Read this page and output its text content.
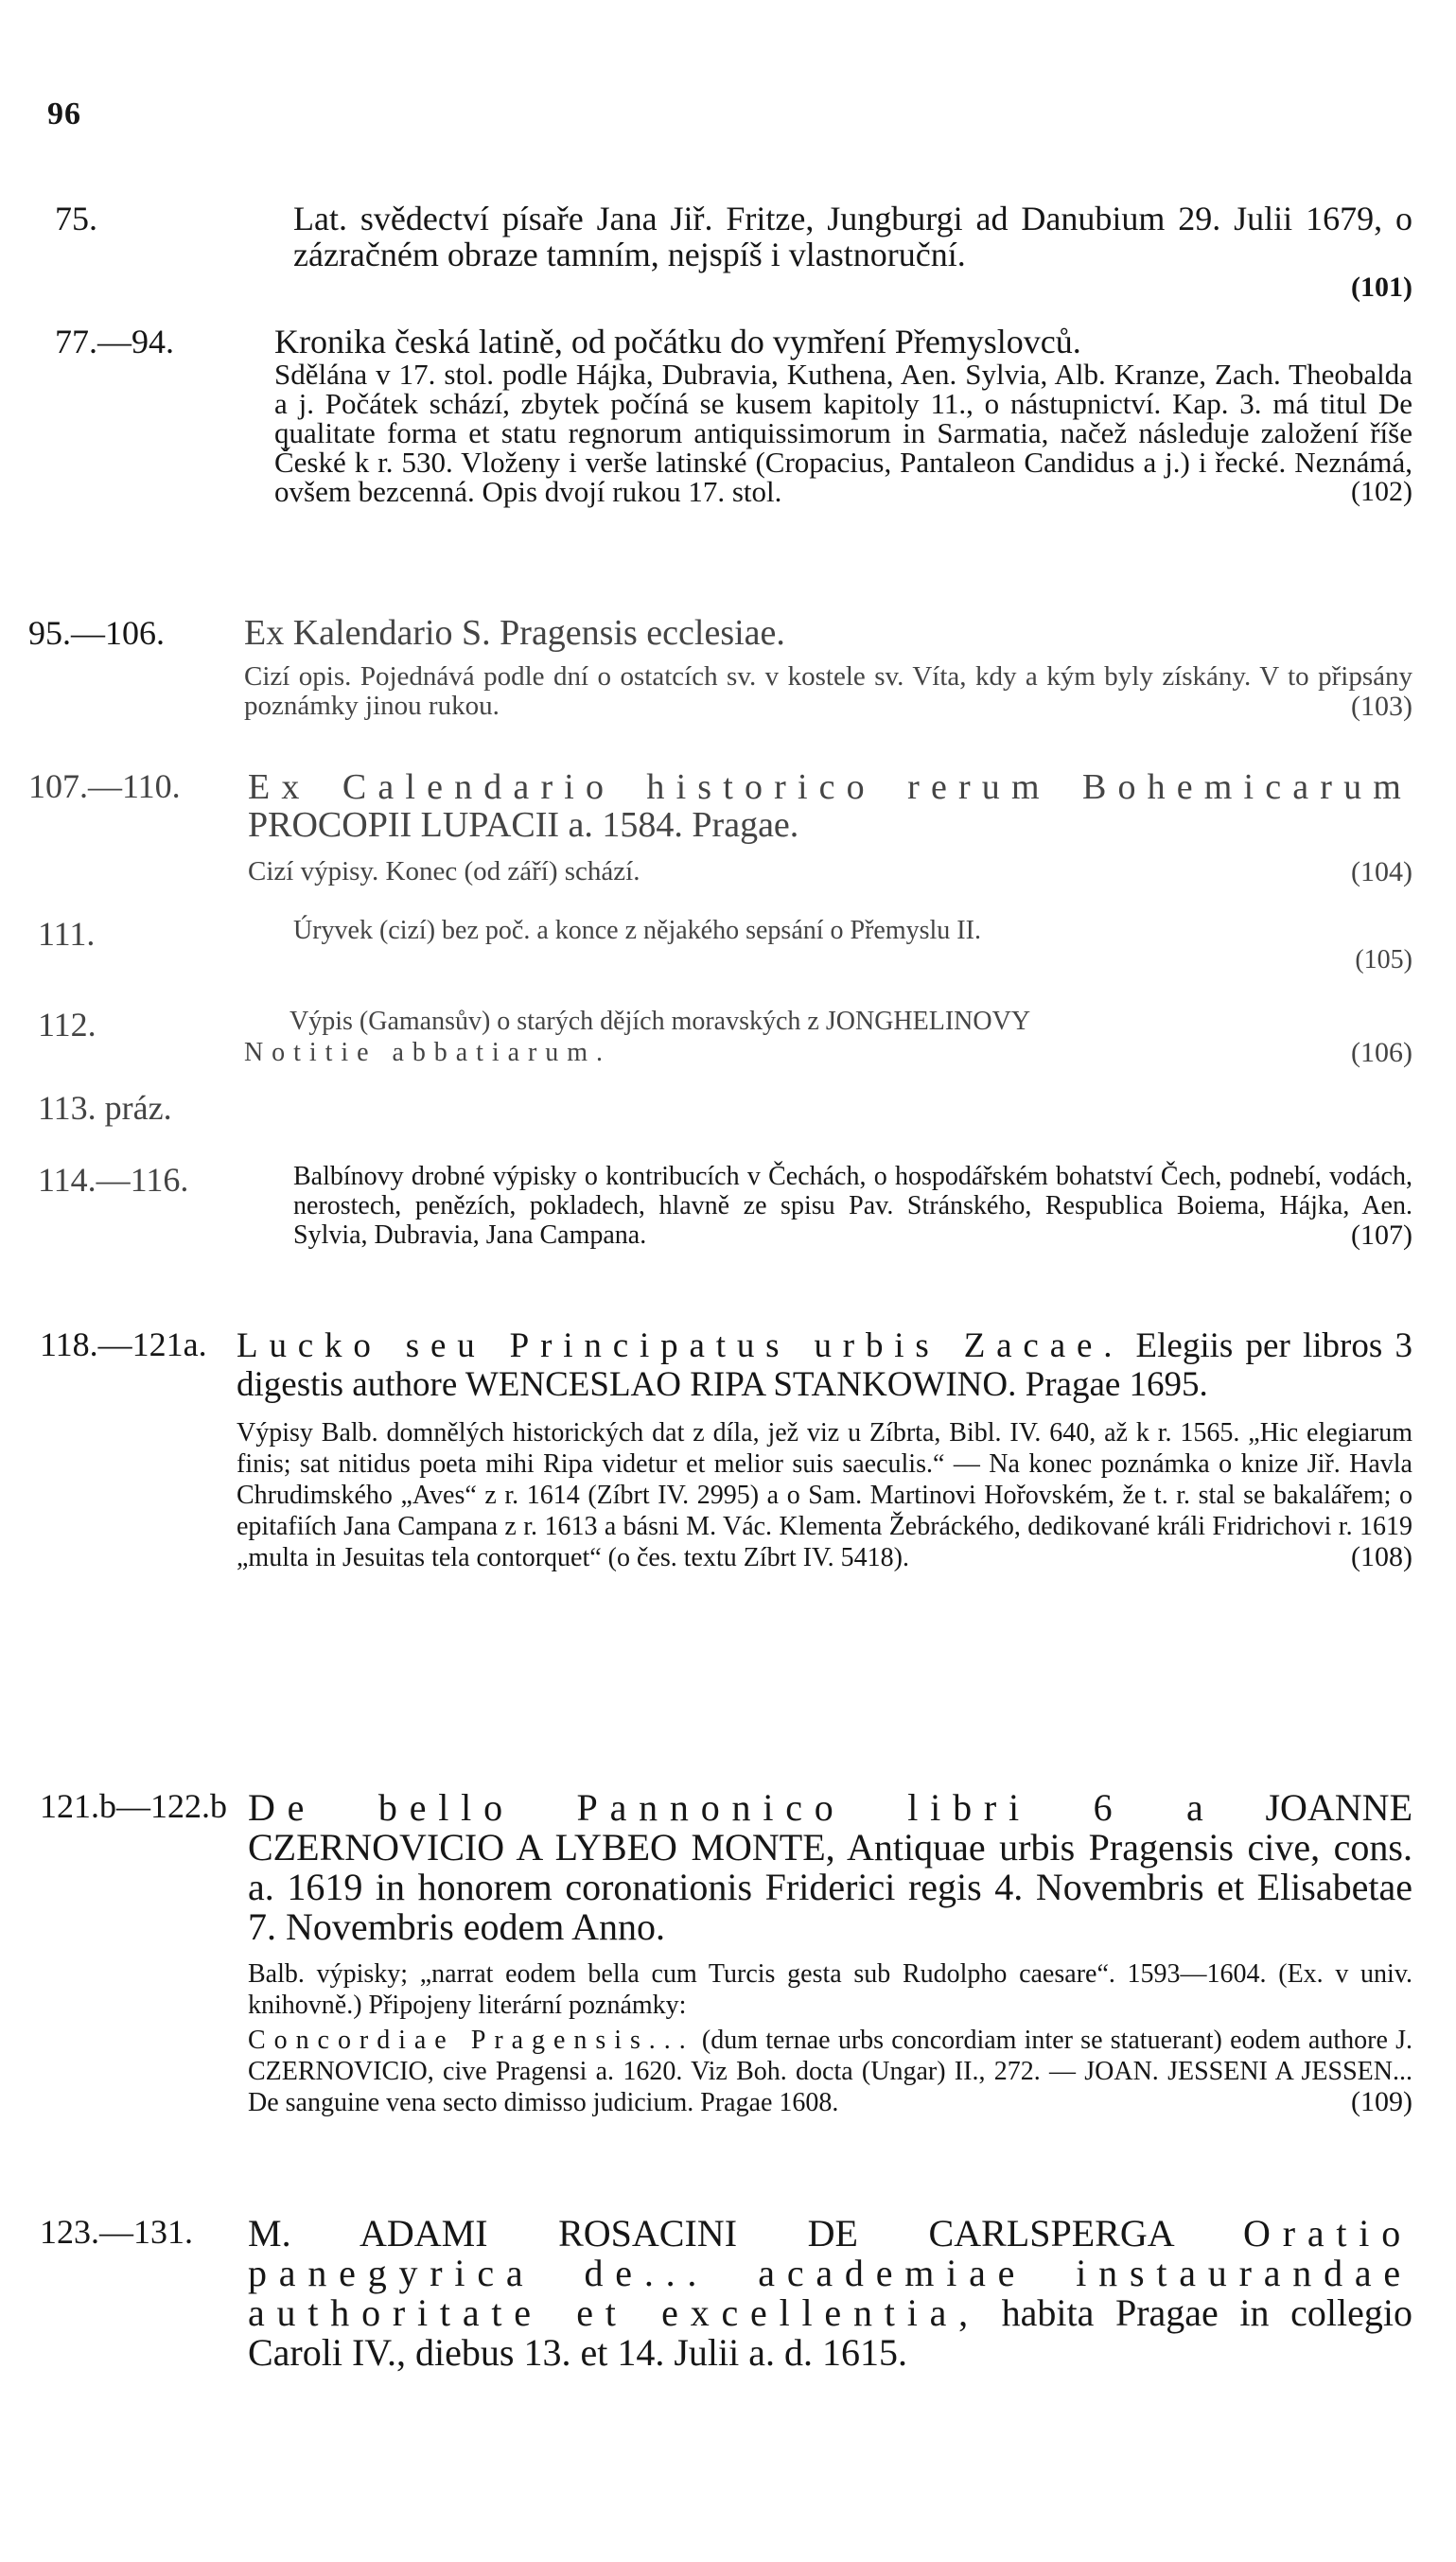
96
75.	Lat. svědectví písaře Jana Jiř. Fritze, Jungburgi ad Danubium 29. Julii 1679, o zázračném obraze tamním, nejspíš i vlastnoruční.

(101)
77.—94.	Kronika česká latině, od počátku do vymření Přemyslovců.

Sdělána v 17. stol. podle Hájka, Dubravia, Kuthena, Aen. Sylvia, Alb. Kranze, Zach. Theobalda a j. Počátek schází, zbytek počíná se kusem kapitoly 11., o nástupnictví. Kap. 3. má titul De qualitate forma et statu regnorum antiquissimorum in Sarmatia, načež následuje založení říše České k r. 530. Vloženy i verše latinské (Cropacius, Pantaleon Candidus a j.) i řecké. Neznámá, ovšem bezcenná. Opis dvojí rukou 17. stol.	(102)
95.—106. Ex Kalendario S. Pragensis ecclesiae.

Cizí opis. Pojednává podle dní o ostatcích sv. v kostele sv. Víta, kdy a kým byly získány. V to připsány poznámky jinou rukou.	(103)
107.—110. Ex Calendario historico rerum Bohemicarum PROCOPII LUPACII a. 1584. Pragae.

Cizí výpisy. Konec (od září) schází.	(104)

111.	Úryvek (cizí) bez poč. a konce z nějakého sepsání o Přemyslu II.

(105)
112.	Výpis (Gamansův) o starých dějích moravských z JONGHELINOVY

Notitie abbatiarum.	(106)

113. práz.
114.—116.	Balbínovy drobné výpisky o kontribucích v Čechách, o hospodářském bohatství Čech, podnebí, vodách, nerostech, penězích, pokladech, hlavně ze spisu Pav. Stránského, Respublica Boiema, Hájka, Aen. Sylvia, Dubravia, Jana Campana.	(107)
118.—121a. Lucko seu Principatus urbis Zacae. Elegiis per libros 3 digestis authore WENCESLAO RIPA STANKOWINO. Pragae 1695.

Výpisy Balb. domnělých historických dat z díla, jež viz u Zíbrta, Bibl. IV. 640, až k r. 1565. „Hic elegiarum finis; sat nitidus poeta mihi Ripa videtur et melior suis saeculis.“ — Na konec poznámka o knize Jiř. Havla Chrudimského „Aves“ z r. 1614 (Zíbrt IV. 2995) a o Sam. Martinovi Hořovském, že t. r. stal se bakalářem; o epitafiích Jana Campana z r. 1613 a básni M. Vác. Klementa Žebráckého, dedikované králi Fridrichovi r. 1619 „multa in Jesuitas tela contorquet“ (o čes. textu Zíbrt IV. 5418).	(108)
121.b—122.b De bello Pannonico libri 6 a JOANNE CZERNOVICIO A LYBEO MONTE, Antiquae urbis Pragensis cive, cons. a. 1619 in honorem coronationis Friderici regis 4. Novembris et Elisabetae 7. Novembris eodem Anno.

Balb. výpisky; „narrat eodem bella cum Turcis gesta sub Rudolpho caesare“. 1593—1604. (Ex. v univ. knihovně.) Připojeny literární poznámky:

Concordiae Pragensis... (dum ternae urbs concordiam inter se statuerant) eodem authore J. CZERNOVICIO, cive Pragensi a. 1620. Viz Boh. docta (Ungar) II., 272. — JOAN. JESSENI A JESSEN... De sanguine vena secto dimisso judicium. Pragae 1608.	(109)
123.—131. M. ADAMI ROSACINI DE CARLSPERGA Oratio panegyrica de... academiae instaurandae authoritate et excellentia, habita Pragae in collegio Caroli IV., diebus 13. et 14. Julii a. d. 1615.
